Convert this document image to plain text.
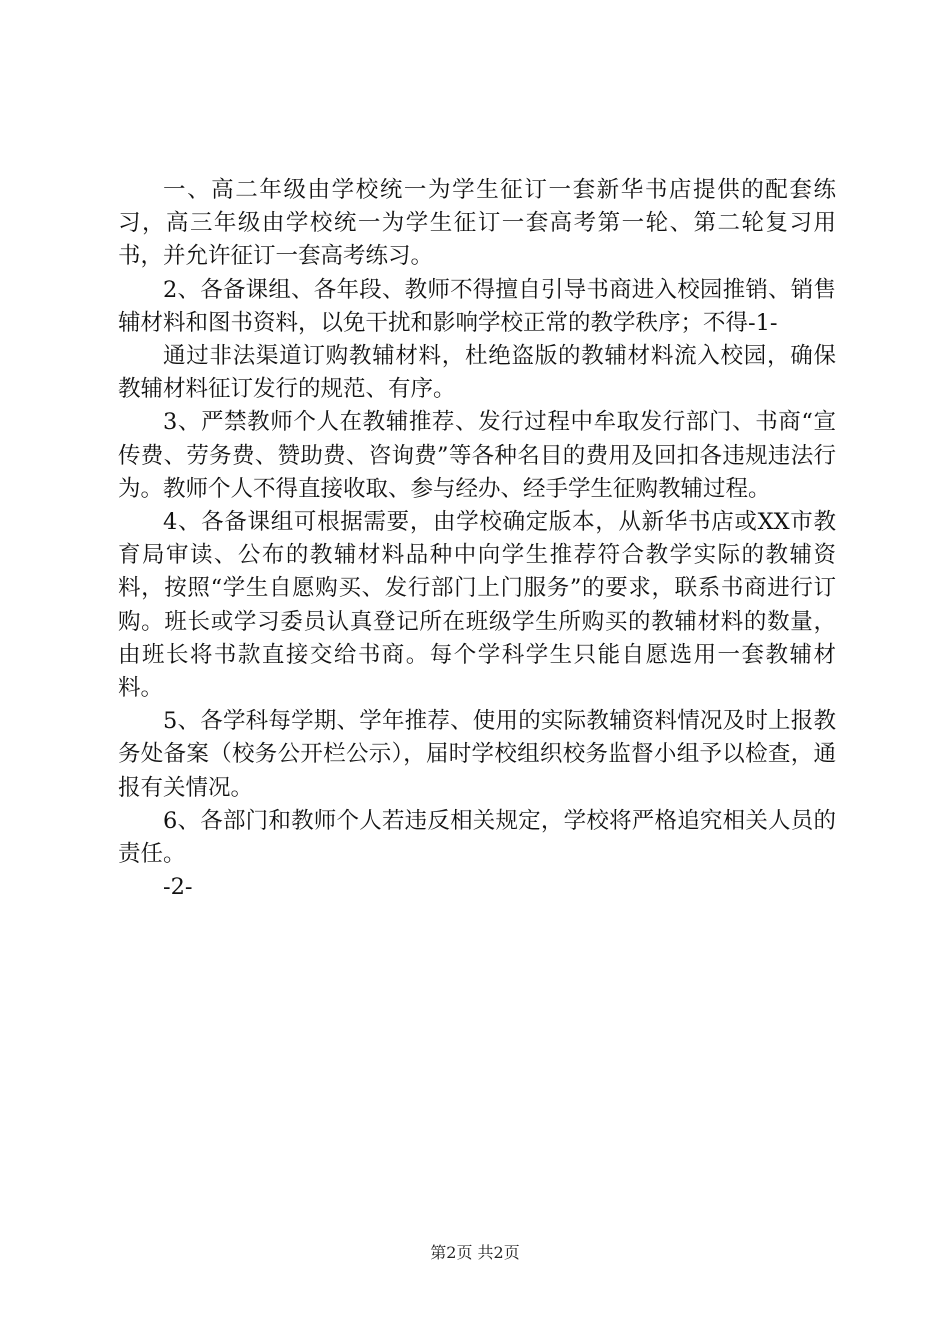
一、高二年级由学校统一为学生征订一套新华书店提供的配套练习，高三年级由学校统一为学生征订一套高考第一轮、第二轮复习用书，并允许征订一套高考练习。

2、各备课组、各年段、教师不得擅自引导书商进入校园推销、销售辅材料和图书资料，以免干扰和影响学校正常的教学秩序；不得-1-

通过非法渠道订购教辅材料，杜绝盗版的教辅材料流入校园，确保教辅材料征订发行的规范、有序。

3、严禁教师个人在教辅推荐、发行过程中牟取发行部门、书商“宣传费、劳务费、赞助费、咨询费”等各种名目的费用及回扣各违规违法行为。教师个人不得直接收取、参与经办、经手学生征购教辅过程。

4、各备课组可根据需要，由学校确定版本，从新华书店或XX市教育局审读、公布的教辅材料品种中向学生推荐符合教学实际的教辅资料，按照“学生自愿购买、发行部门上门服务”的要求，联系书商进行订购。班长或学习委员认真登记所在班级学生所购买的教辅材料的数量，由班长将书款直接交给书商。每个学科学生只能自愿选用一套教辅材料。

5、各学科每学期、学年推荐、使用的实际教辅资料情况及时上报教务处备案（校务公开栏公示），届时学校组织校务监督小组予以检查，通报有关情况。

6、各部门和教师个人若违反相关规定，学校将严格追究相关人员的责任。

-2-

第2页 共2页
